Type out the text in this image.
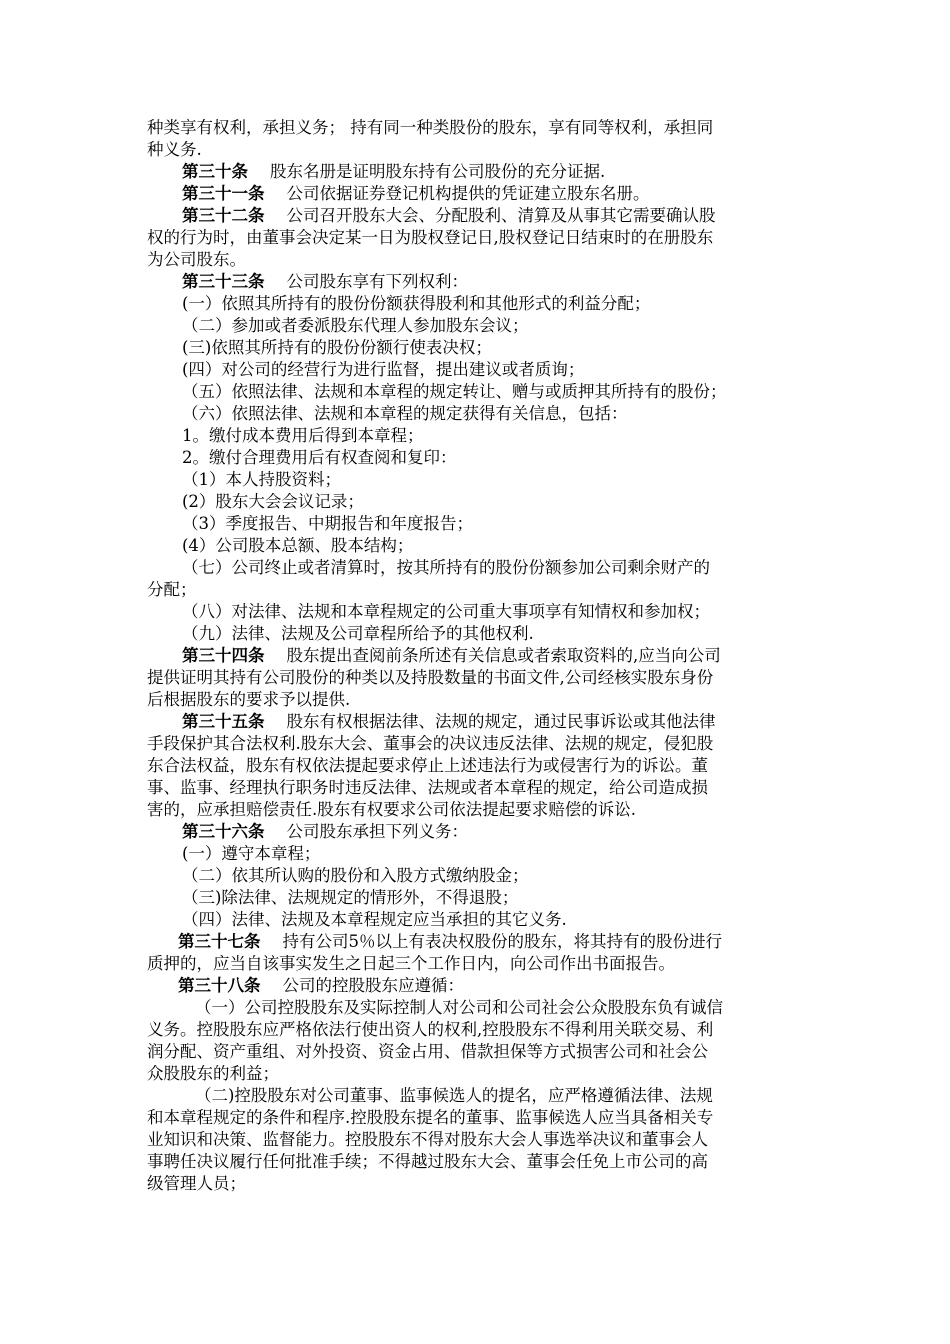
种类享有权利，承担义务； 持有同一种类股份的股东，享有同等权利，承担同
种义务.
第三十条 股东名册是证明股东持有公司股份的充分证据.
第三十一条 公司依据证券登记机构提供的凭证建立股东名册。
第三十二条 公司召开股东大会、分配股利、清算及从事其它需要确认股
权的行为时，由董事会决定某一日为股权登记日,股权登记日结束时的在册股东
为公司股东。
第三十三条 公司股东享有下列权利：
(一）依照其所持有的股份份额获得股利和其他形式的利益分配；
（二）参加或者委派股东代理人参加股东会议；
(三)依照其所持有的股份份额行使表决权；
(四）对公司的经营行为进行监督，提出建议或者质询；
（五）依照法律、法规和本章程的规定转让、赠与或质押其所持有的股份；
（六）依照法律、法规和本章程的规定获得有关信息，包括：
1。缴付成本费用后得到本章程；
2。缴付合理费用后有权查阅和复印：
（1）本人持股资料；
(2）股东大会会议记录；
（3）季度报告、中期报告和年度报告；
(4）公司股本总额、股本结构；
（七）公司终止或者清算时，按其所持有的股份份额参加公司剩余财产的
分配；
（八）对法律、法规和本章程规定的公司重大事项享有知情权和参加权；
（九）法律、法规及公司章程所给予的其他权利.
第三十四条 股东提出查阅前条所述有关信息或者索取资料的,应当向公司
提供证明其持有公司股份的种类以及持股数量的书面文件,公司经核实股东身份
后根据股东的要求予以提供.
第三十五条 股东有权根据法律、法规的规定，通过民事诉讼或其他法律
手段保护其合法权利.股东大会、董事会的决议违反法律、法规的规定，侵犯股
东合法权益，股东有权依法提起要求停止上述违法行为或侵害行为的诉讼。董
事、监事、经理执行职务时违反法律、法规或者本章程的规定，给公司造成损
害的，应承担赔偿责任.股东有权要求公司依法提起要求赔偿的诉讼.
第三十六条 公司股东承担下列义务：
(一）遵守本章程；
（二）依其所认购的股份和入股方式缴纳股金；
（三)除法律、法规规定的情形外，不得退股；
（四）法律、法规及本章程规定应当承担的其它义务.
第三十七条 持有公司5％以上有表决权股份的股东，将其持有的股份进行
质押的，应当自该事实发生之日起三个工作日内，向公司作出书面报告。
第三十八条 公司的控股股东应遵循：
（一）公司控股股东及实际控制人对公司和公司社会公众股股东负有诚信
义务。控股股东应严格依法行使出资人的权利,控股股东不得利用关联交易、利
润分配、资产重组、对外投资、资金占用、借款担保等方式损害公司和社会公
众股股东的利益；
（二)控股股东对公司董事、监事候选人的提名，应严格遵循法律、法规
和本章程规定的条件和程序.控股股东提名的董事、监事候选人应当具备相关专
业知识和决策、监督能力。控股股东不得对股东大会人事选举决议和董事会人
事聘任决议履行任何批准手续；不得越过股东大会、董事会任免上市公司的高
级管理人员；
